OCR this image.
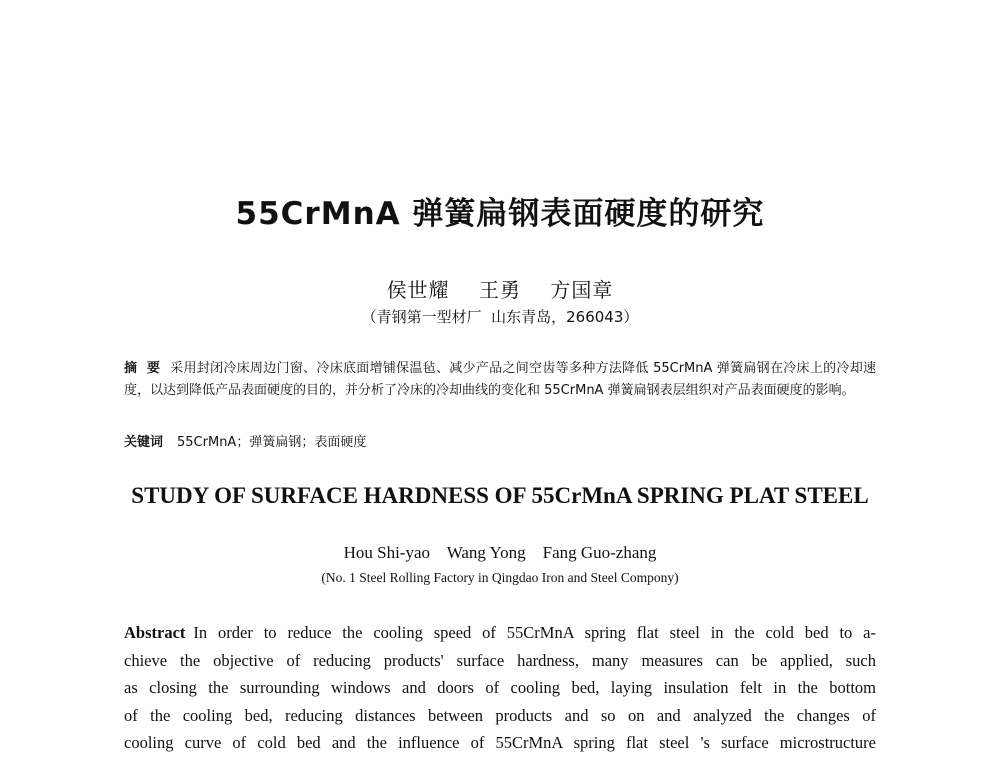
55CrMnA 弹簧扁钢表面硬度的研究
侯世耀    王勇    方国章
（青钢第一型材厂  山东青岛，266043）
摘  要 采用封闭冷床周边门窗、冷床底面增铺保温毡、减少产品之间空齿等多种方法降低 55CrMnA 弹簧扁钢在冷床上的冷却速度，以达到降低产品表面硬度的目的，并分析了冷床的冷却曲线的变化和 55CrMnA 弹簧扁钢表层组织对产品表面硬度的影响。
关键词 55CrMnA；弹簧扁钢；表面硬度
STUDY OF SURFACE HARDNESS OF 55CrMnA SPRING PLAT STEEL
Hou Shi-yao    Wang Yong    Fang Guo-zhang
(No. 1 Steel Rolling Factory in Qingdao Iron and Steel Compony)
Abstract In order to reduce the cooling speed of 55CrMnA spring flat steel in the cold bed to a-
chieve the objective of reducing products' surface hardness, many measures can be applied, such
as closing the surrounding windows and doors of cooling bed, laying insulation felt in the bottom
of the cooling bed, reducing distances between products and so on and analyzed the changes of
cooling curve of cold bed and the influence of 55CrMnA spring flat steel 's surface microstructure
